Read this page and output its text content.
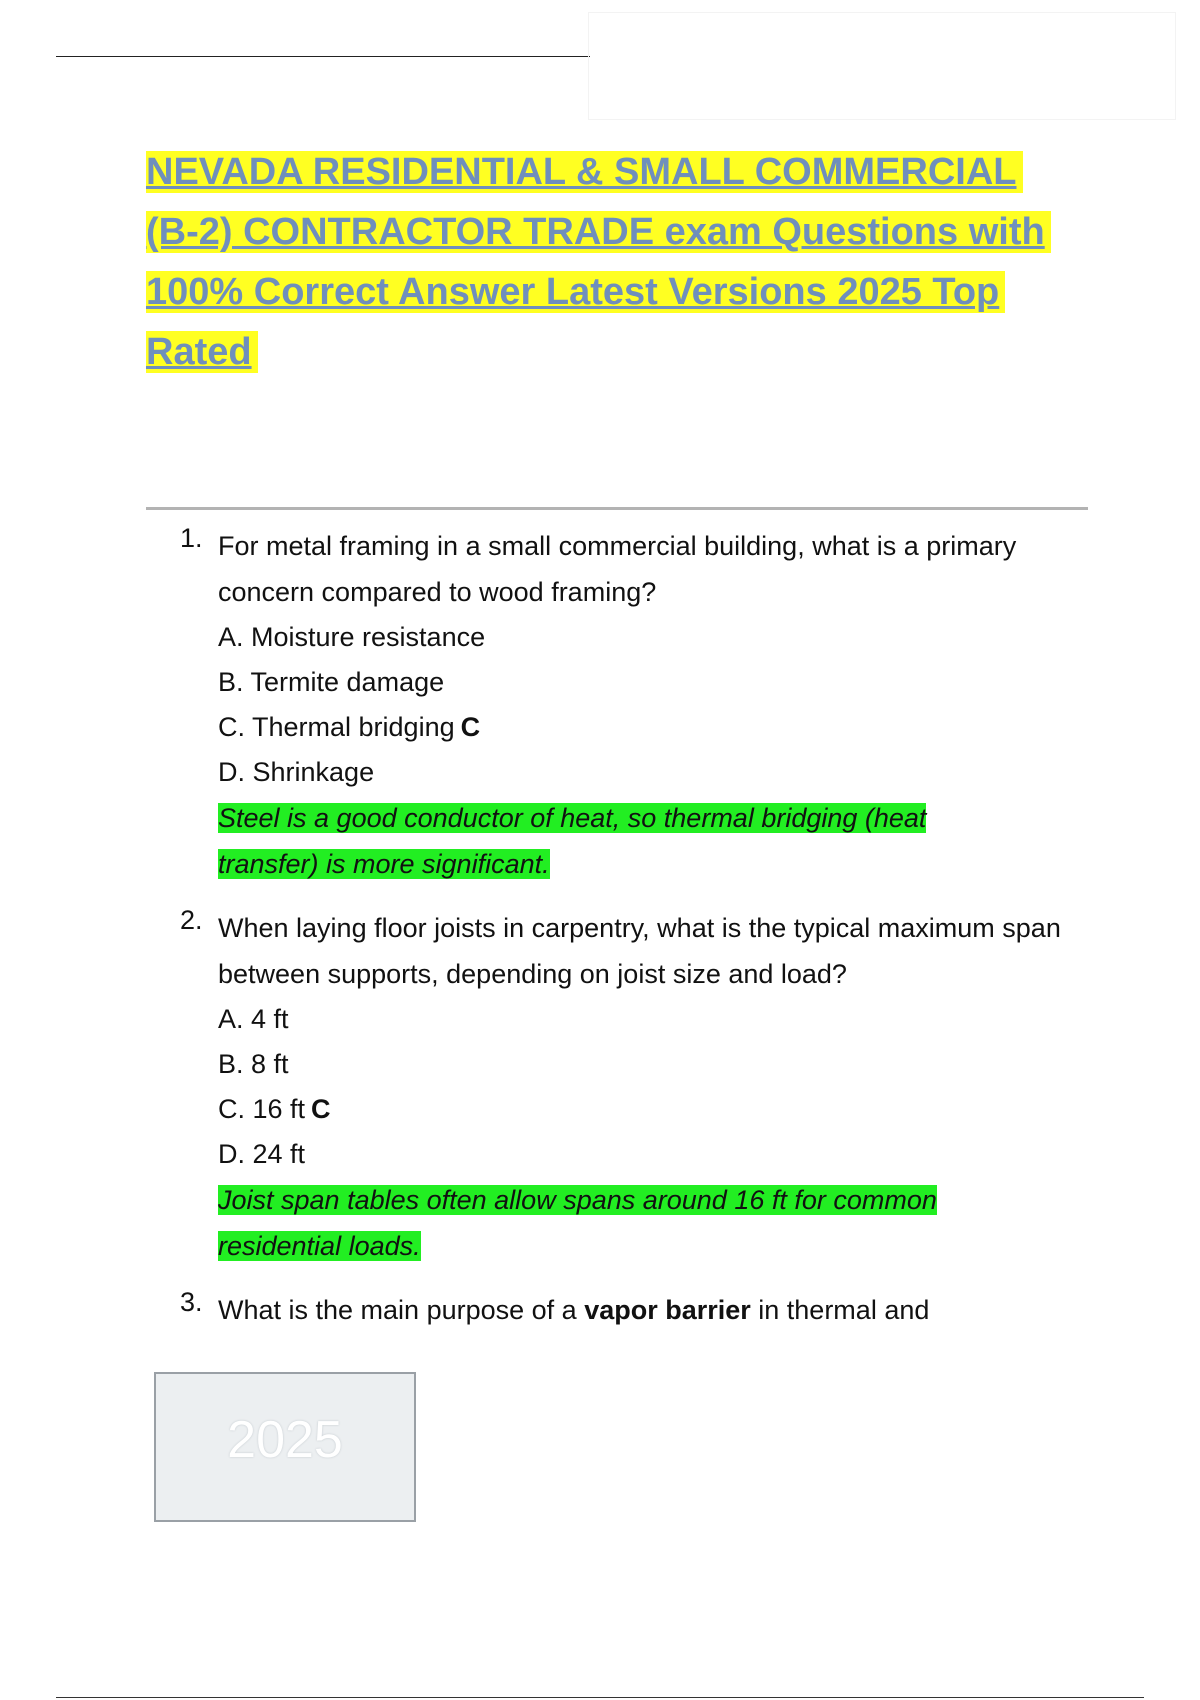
NEVADA RESIDENTIAL & SMALL COMMERCIAL
(B-2) CONTRACTOR TRADE exam Questions with
100% Correct Answer Latest Versions 2025 Top
Rated
1. For metal framing in a small commercial building, what is a primary concern compared to wood framing?
A. Moisture resistance
B. Termite damage
C. Thermal bridging C
D. Shrinkage
Steel is a good conductor of heat, so thermal bridging (heat
transfer) is more significant.
2. When laying floor joists in carpentry, what is the typical maximum span between supports, depending on joist size and load?
A. 4 ft
B. 8 ft
C. 16 ft C
D. 24 ft
Joist span tables often allow spans around 16 ft for common
residential loads.
3. What is the main purpose of a vapor barrier in thermal and
2025
